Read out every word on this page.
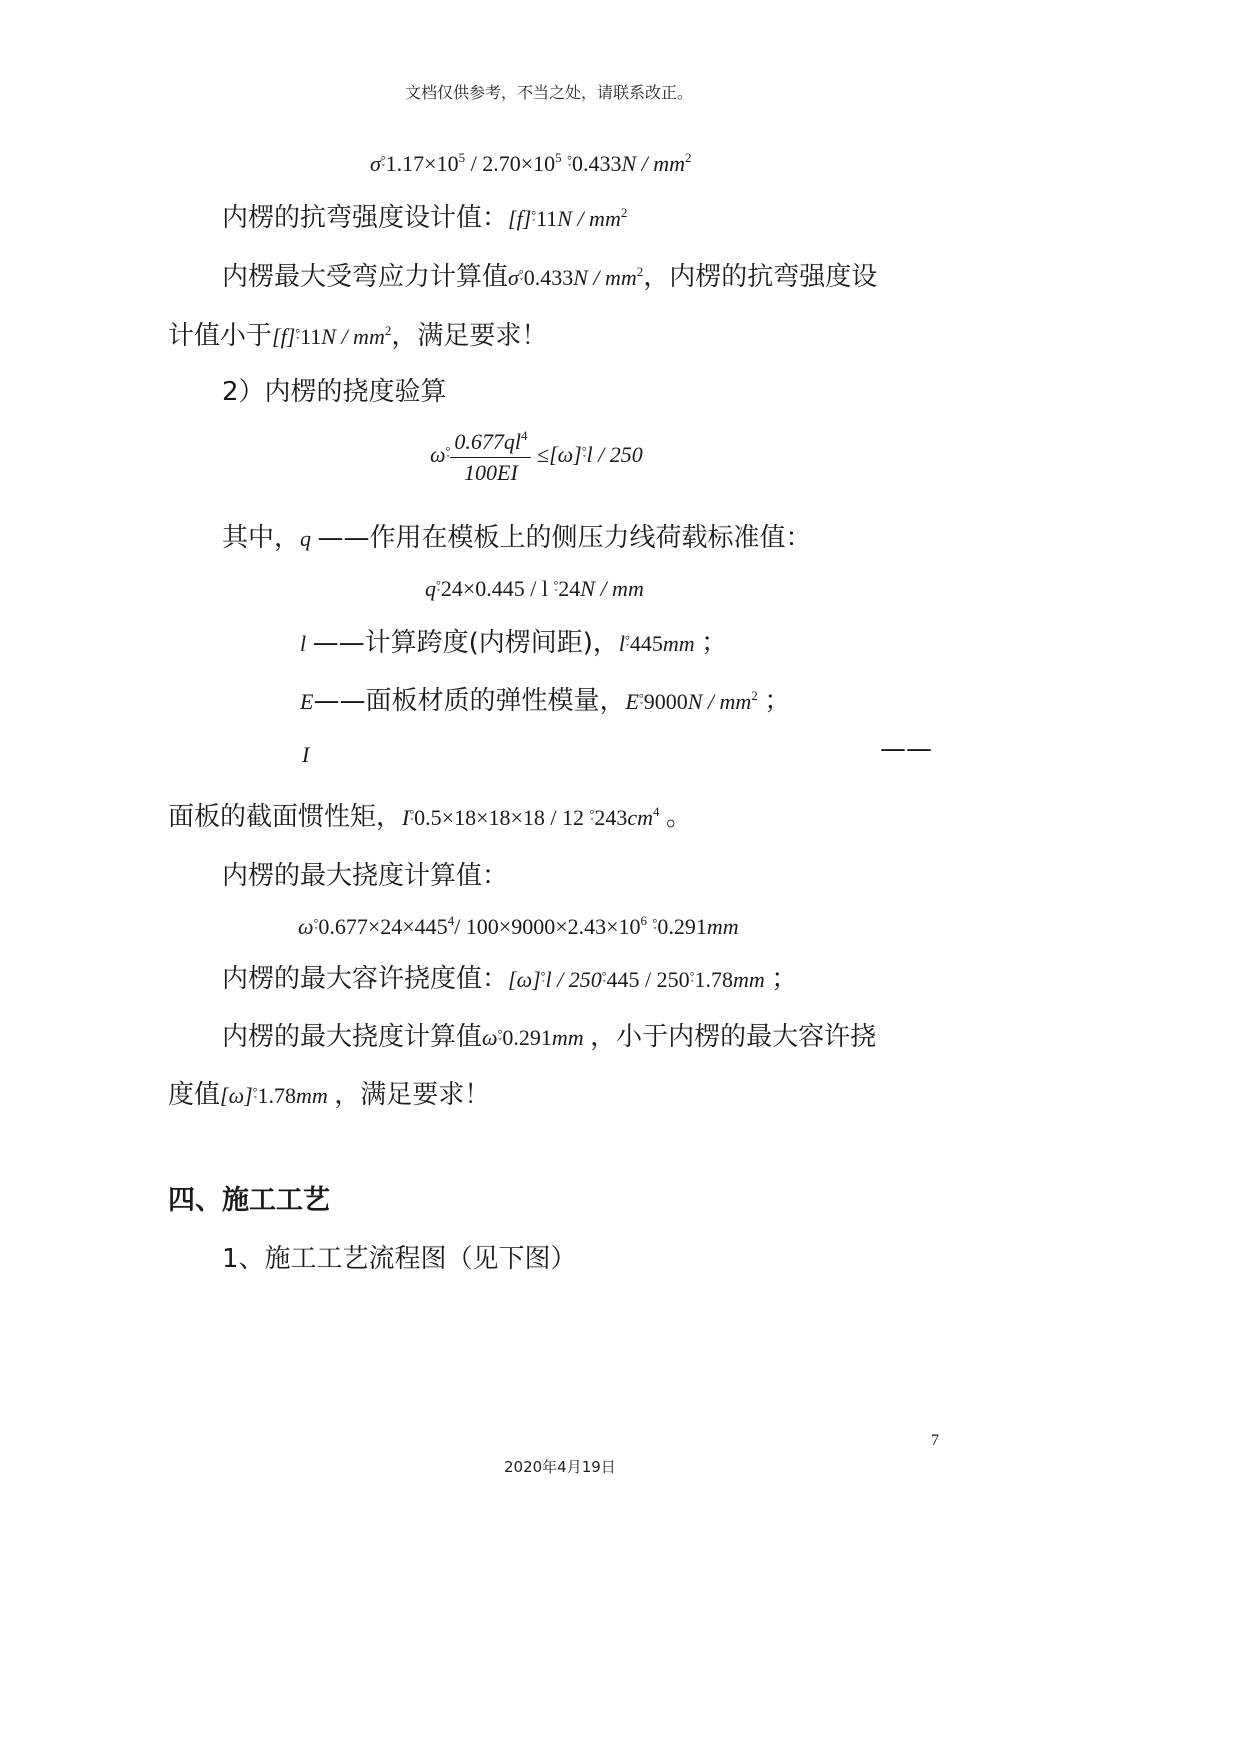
文档仅供参考，不当之处，请联系改正。
$\sigma^{ׇ^\circ}1.17\times 10^5 / 2.70\times 10^5$ $^{ׇ^\circ}0.433N / mm^2$
内楞的抗弯强度设计值：$[f]^{ׇ^\circ}11N / mm^2$
内楞最大受弯应力计算值$\sigma^{ׇ^\circ}0.433N / mm^2$，内楞的抗弯强度设
计值小于$[f]^{ׇ^\circ}11N / mm^2$，满足要求！
2）内楞的挠度验算
$\omega^{ׇ^\circ} \frac{0.677ql^4}{100EI} \le[\omega]^{ׇ^\circ}l / 250$
其中，q ——作用在模板上的侧压力线荷载标准值：
qׇ°24×0.445 / l ׇ°24N / mm
l ——计算跨度(内楞间距)，lׇ°445mm ；
E——面板材质的弹性模量，$E^{ׇ^\circ}9000N / mm^2$ ；
I	——
面板的截面惯性矩，Iׇ°0.5×18×18×18 / 12 $^{ׇ^\circ}243cm^4$ 。
内楞的最大挠度计算值：
$\omega^{ׇ^\circ}0.677\times 24\times 445^4/$ $100\times 9000\times 2.43\times 10^6$ ׇ°0.291mm
内楞的最大容许挠度值：[ω]ׇ°l / 250ׇ°445 / 250ׇ°1.78mm ；
内楞的最大挠度计算值ωׇ°0.291mm ，小于内楞的最大容许挠
度值[ω]ׇ°1.78mm ，满足要求！
四、施工工艺
1、施工工艺流程图（见下图）
7
2020年4月19日
